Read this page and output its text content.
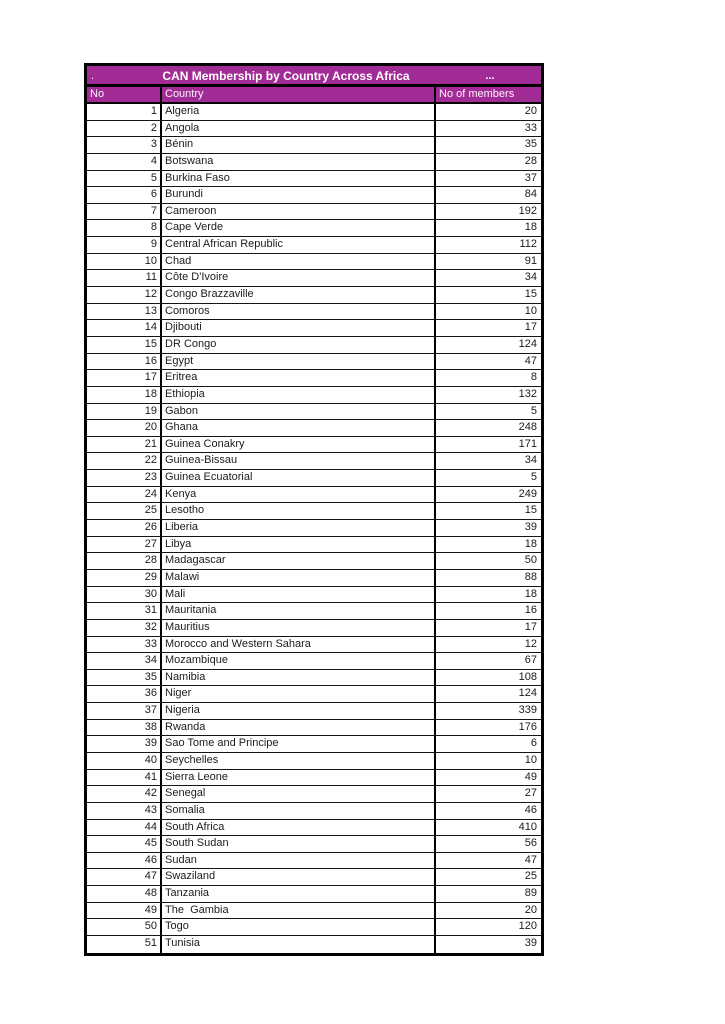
.	CAN Membership by Country Across Africa	...
No	Country	No of members
1 Algeria	20
2 Angola	33
3 Bénin	35
4 Botswana	28
5 Burkina Faso	37
6 Burundi	84
7 Cameroon	192
8 Cape Verde	18
9 Central African Republic	112
10 Chad	91
11 Côte D'Ivoire	34
12 Congo Brazzaville	15
13 Comoros	10
14 Djibouti	17
15 DR Congo	124
16 Egypt	47
17 Eritrea	8
18 Ethiopia	132
19 Gabon	5
20 Ghana	248
21 Guinea Conakry	171
22 Guinea-Bissau	34
23 Guinea Ecuatorial	5
24 Kenya	249
25 Lesotho	15
26 Liberia	39
27 Libya	18
28 Madagascar	50
29 Malawi	88
30 Mali	18
31 Mauritania	16
32 Mauritius	17
33 Morocco and Western Sahara	12
34 Mozambique	67
35 Namibia	108
36 Niger	124
37 Nigeria	339
38 Rwanda	176
39 Sao Tome and Principe	6
40 Seychelles	10
41 Sierra Leone	49
42 Senegal	27
43 Somalia	46
44 South Africa	410
45 South Sudan	56
46 Sudan	47
47 Swaziland	25
48 Tanzania	89
49 The  Gambia	20
50 Togo	120
51 Tunisia	39
